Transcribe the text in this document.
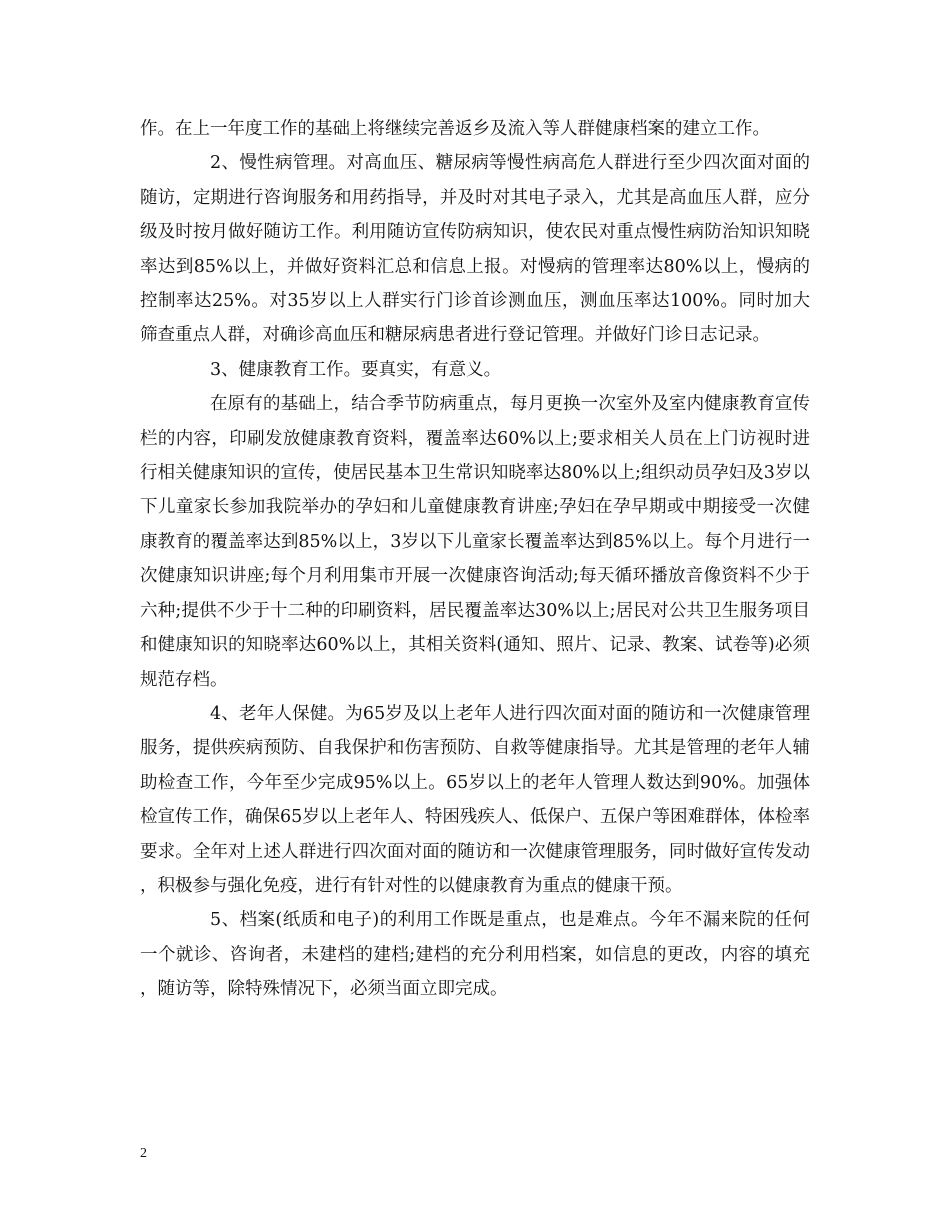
作。在上一年度工作的基础上将继续完善返乡及流入等人群健康档案的建立工作。

2、慢性病管理。对高血压、糖尿病等慢性病高危人群进行至少四次面对面的随访，定期进行咨询服务和用药指导，并及时对其电子录入，尤其是高血压人群，应分级及时按月做好随访工作。利用随访宣传防病知识，使农民对重点慢性病防治知识知晓率达到85%以上，并做好资料汇总和信息上报。对慢病的管理率达80%以上，慢病的控制率达25%。对35岁以上人群实行门诊首诊测血压，测血压率达100%。同时加大筛查重点人群，对确诊高血压和糖尿病患者进行登记管理。并做好门诊日志记录。

3、健康教育工作。要真实，有意义。

在原有的基础上，结合季节防病重点，每月更换一次室外及室内健康教育宣传栏的内容，印刷发放健康教育资料，覆盖率达60%以上;要求相关人员在上门访视时进行相关健康知识的宣传，使居民基本卫生常识知晓率达80%以上;组织动员孕妇及3岁以下儿童家长参加我院举办的孕妇和儿童健康教育讲座;孕妇在孕早期或中期接受一次健康教育的覆盖率达到85%以上，3岁以下儿童家长覆盖率达到85%以上。每个月进行一次健康知识讲座;每个月利用集市开展一次健康咨询活动;每天循环播放音像资料不少于六种;提供不少于十二种的印刷资料，居民覆盖率达30%以上;居民对公共卫生服务项目和健康知识的知晓率达60%以上，其相关资料(通知、照片、记录、教案、试卷等)必须规范存档。

4、老年人保健。为65岁及以上老年人进行四次面对面的随访和一次健康管理服务，提供疾病预防、自我保护和伤害预防、自救等健康指导。尤其是管理的老年人辅助检查工作，今年至少完成95%以上。65岁以上的老年人管理人数达到90%。加强体检宣传工作，确保65岁以上老年人、特困残疾人、低保户、五保户等困难群体，体检率要求。全年对上述人群进行四次面对面的随访和一次健康管理服务，同时做好宣传发动，积极参与强化免疫，进行有针对性的以健康教育为重点的健康干预。

5、档案(纸质和电子)的利用工作既是重点，也是难点。今年不漏来院的任何一个就诊、咨询者，未建档的建档;建档的充分利用档案，如信息的更改，内容的填充，随访等，除特殊情况下，必须当面立即完成。

2
